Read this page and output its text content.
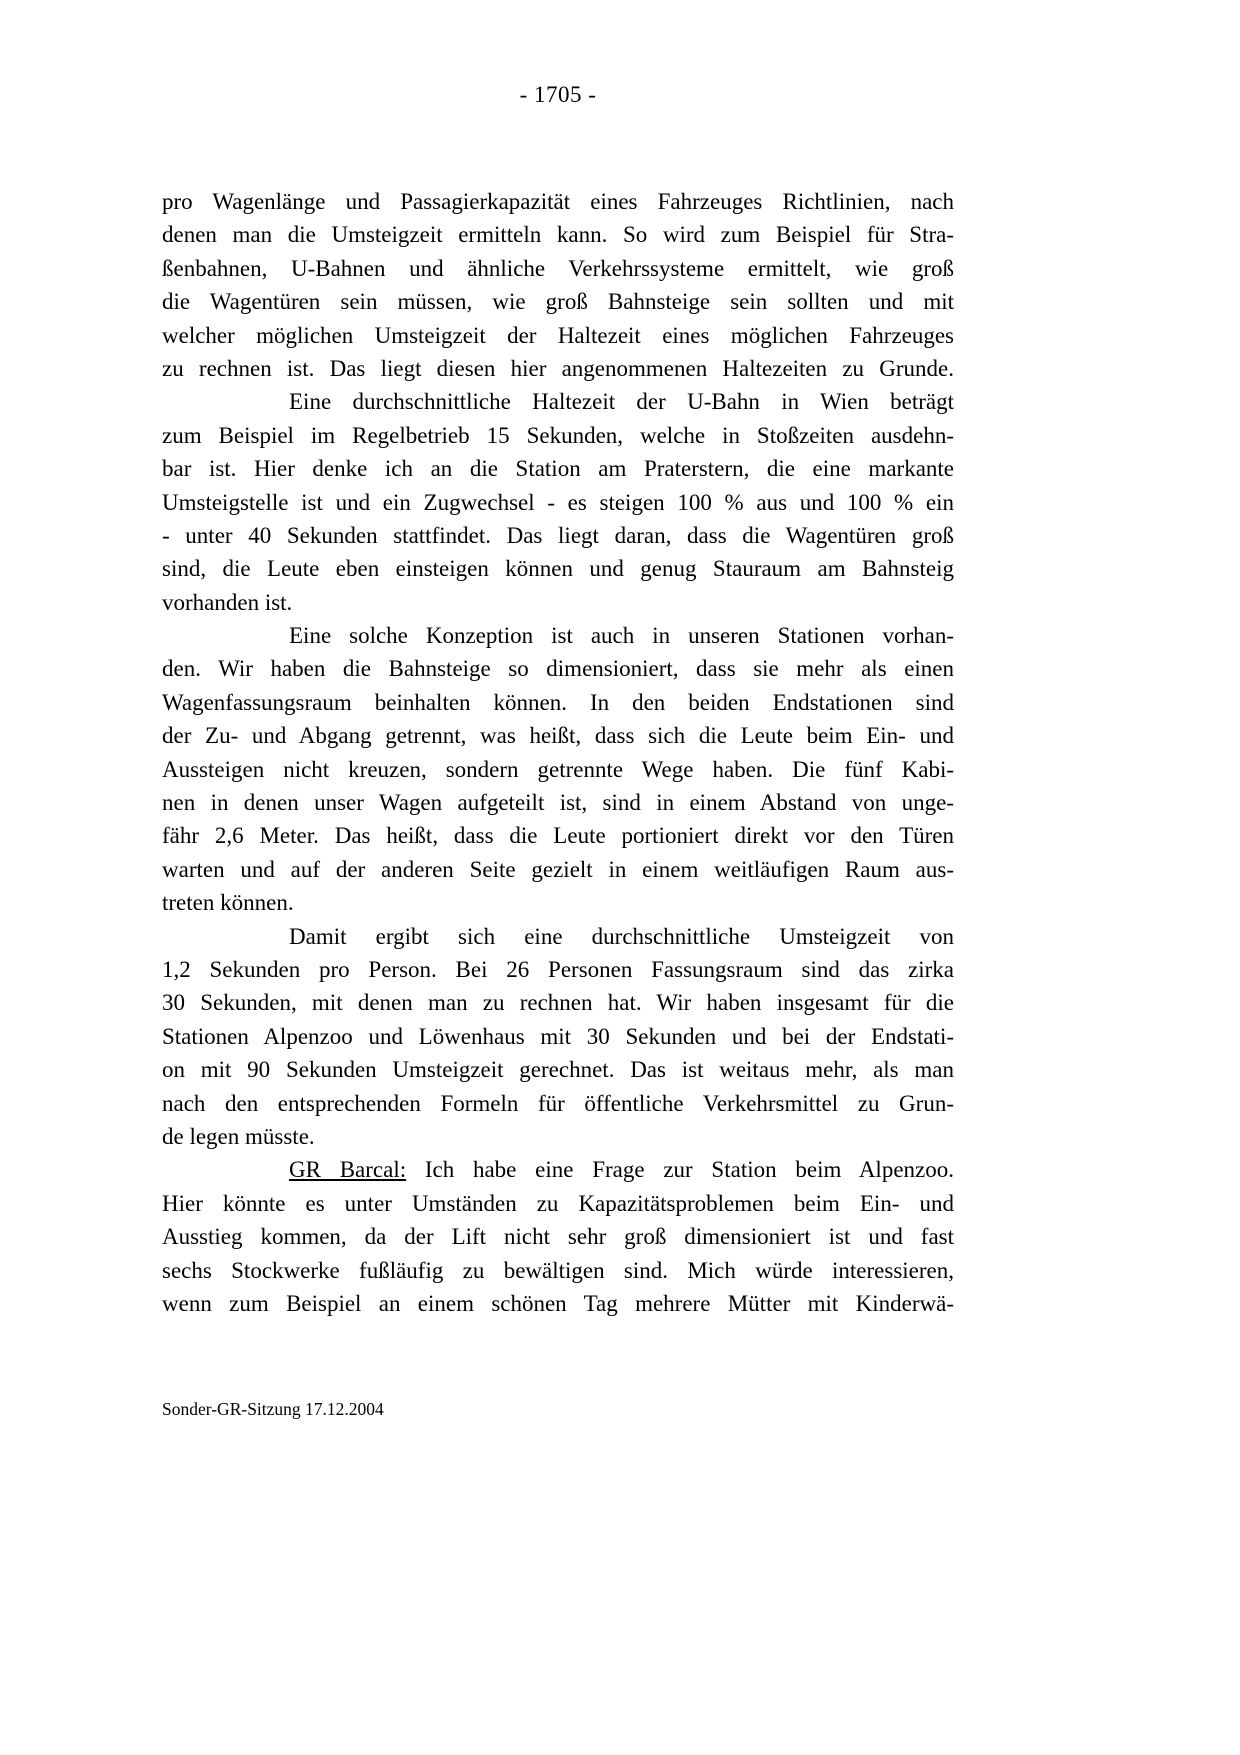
- 1705 -
pro Wagenlänge und Passagierkapazität eines Fahrzeuges Richtlinien, nach
denen man die Umsteigzeit ermitteln kann. So wird zum Beispiel für Stra-
ßenbahnen, U-Bahnen und ähnliche Verkehrssysteme ermittelt, wie groß
die Wagentüren sein müssen, wie groß Bahnsteige sein sollten und mit
welcher möglichen Umsteigzeit der Haltezeit eines möglichen Fahrzeuges
zu rechnen ist. Das liegt diesen hier angenommenen Haltezeiten zu Grunde.
Eine durchschnittliche Haltezeit der U-Bahn in Wien beträgt
zum Beispiel im Regelbetrieb 15 Sekunden, welche in Stoßzeiten ausdehn-
bar ist. Hier denke ich an die Station am Praterstern, die eine markante
Umsteigstelle ist und ein Zugwechsel - es steigen 100 % aus und 100 % ein
- unter 40 Sekunden stattfindet. Das liegt daran, dass die Wagentüren groß
sind, die Leute eben einsteigen können und genug Stauraum am Bahnsteig
vorhanden ist.
Eine solche Konzeption ist auch in unseren Stationen vorhan-
den. Wir haben die Bahnsteige so dimensioniert, dass sie mehr als einen
Wagenfassungsraum beinhalten können. In den beiden Endstationen sind
der Zu- und Abgang getrennt, was heißt, dass sich die Leute beim Ein- und
Aussteigen nicht kreuzen, sondern getrennte Wege haben. Die fünf Kabi-
nen in denen unser Wagen aufgeteilt ist, sind in einem Abstand von unge-
fähr 2,6 Meter. Das heißt, dass die Leute portioniert direkt vor den Türen
warten und auf der anderen Seite gezielt in einem weitläufigen Raum aus-
treten können.
Damit ergibt sich eine durchschnittliche Umsteigzeit von
1,2 Sekunden pro Person. Bei 26 Personen Fassungsraum sind das zirka
30 Sekunden, mit denen man zu rechnen hat. Wir haben insgesamt für die
Stationen Alpenzoo und Löwenhaus mit 30 Sekunden und bei der Endstati-
on mit 90 Sekunden Umsteigzeit gerechnet. Das ist weitaus mehr, als man
nach den entsprechenden Formeln für öffentliche Verkehrsmittel zu Grun-
de legen müsste.
GR Barcal: Ich habe eine Frage zur Station beim Alpenzoo.
Hier könnte es unter Umständen zu Kapazitätsproblemen beim Ein- und
Ausstieg kommen, da der Lift nicht sehr groß dimensioniert ist und fast
sechs Stockwerke fußläufig zu bewältigen sind. Mich würde interessieren,
wenn zum Beispiel an einem schönen Tag mehrere Mütter mit Kinderwä-
Sonder-GR-Sitzung 17.12.2004
